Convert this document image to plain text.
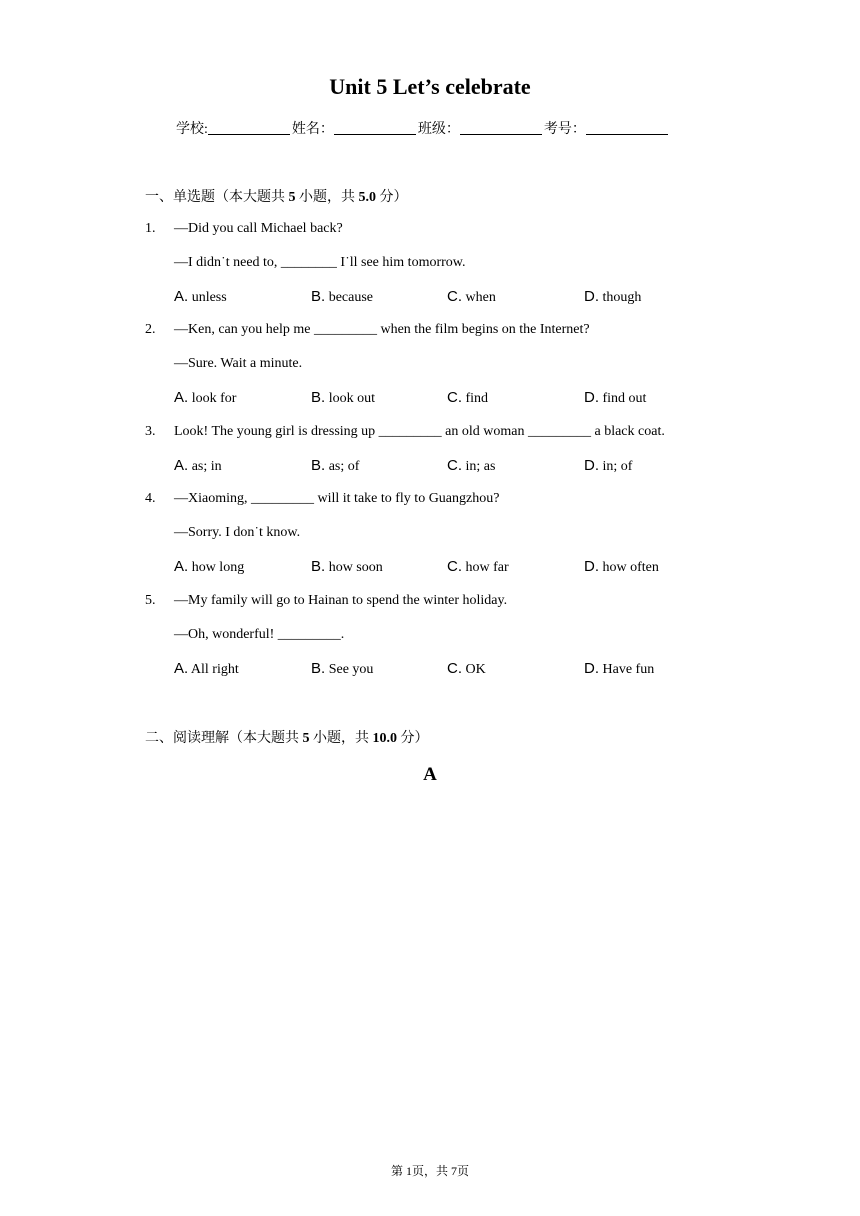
Unit 5 Let’s celebrate
学校:	姓名：	班级：	考号：
一、单选题（本大题共 5 小题，共 5.0 分）
1. —Did you call Michael back?
—I didn˙t need to, ________ I˙ll see him tomorrow.
A. unless	B. because	C. when	D. though
2. —Ken, can you help me _________ when the film begins on the Internet?
—Sure. Wait a minute.
A. look for	B. look out	C. find	D. find out
3. Look! The young girl is dressing up _________ an old woman _________ a black coat.
A. as; in	B. as; of	C. in; as	D. in; of
4. —Xiaoming, _________ will it take to fly to Guangzhou?
—Sorry. I don˙t know.
A. how long	B. how soon	C. how far	D. how often
5. —My family will go to Hainan to spend the winter holiday.
—Oh, wonderful! _________.
A. All right	B. See you	C. OK	D. Have fun
二、阅读理解（本大题共 5 小题，共 10.0 分）
A
第 1页，共 7页
